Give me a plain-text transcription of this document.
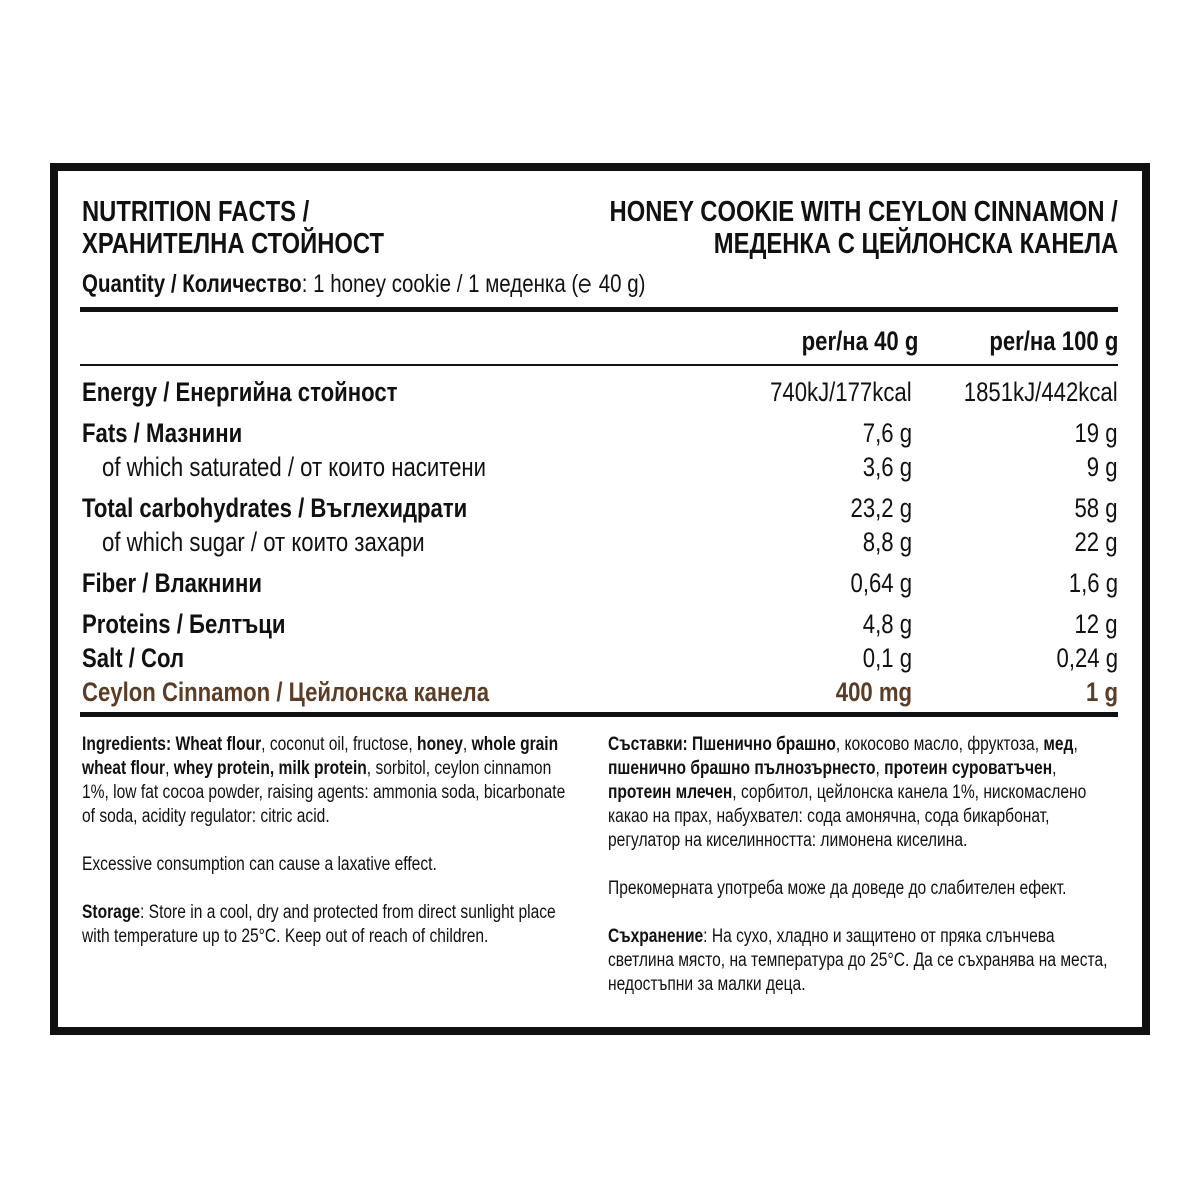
NUTRITION FACTS /
ХРАНИТЕЛНА СТОЙНОСТ
HONEY COOKIE WITH CEYLON CINNAMON /
МЕДЕНКА С ЦЕЙЛОНСКА КАНЕЛА
Quantity / Количество: 1 honey cookie / 1 меденка ( 40 g)
per/на 40 g	per/на 100 g
Energy / Енергийна стойност	740kJ/177kcal	1851kJ/442kcal
Fats / Мазнини	7,6 g	19 g
of which saturated / от които наситени	3,6 g	9 g
Total carbohydrates / Въглехидрати	23,2 g	58 g
of which sugar / от които захари	8,8 g	22 g
Fiber / Влакнини	0,64 g	1,6 g
Proteins / Белтъци	4,8 g	12 g
Salt / Сол	0,1 g	0,24 g
Ceylon Cinnamon / Цейлонска канела	400 mg	1 g

Ingredients: Wheat flour, coconut oil, fructose, honey, whole grain wheat flour, whey protein, milk protein, sorbitol, ceylon cinnamon 1%, low fat cocoa powder, raising agents: ammonia soda, bicarbonate of soda, acidity regulator: citric acid.

Excessive consumption can cause a laxative effect.

Storage: Store in a cool, dry and protected from direct sunlight place with temperature up to 25°C. Keep out of reach of children.

Съставки: Пшенично брашно, кокосово масло, фруктоза, мед, пшенично брашно пълнозърнесто, протеин суроватъчен, протеин млечен, сорбитол, цейлонска канела 1%, нискомаслено какао на прах, набухвател: сода амонячна, сода бикарбонат, регулатор на киселинността: лимонена киселина.

Прекомерната употреба може да доведе до слабителен ефект.

Съхранение: На сухо, хладно и защитено от пряка слънчева светлина място, на температура до 25°C. Да се съхранява на места, недостъпни за малки деца.
